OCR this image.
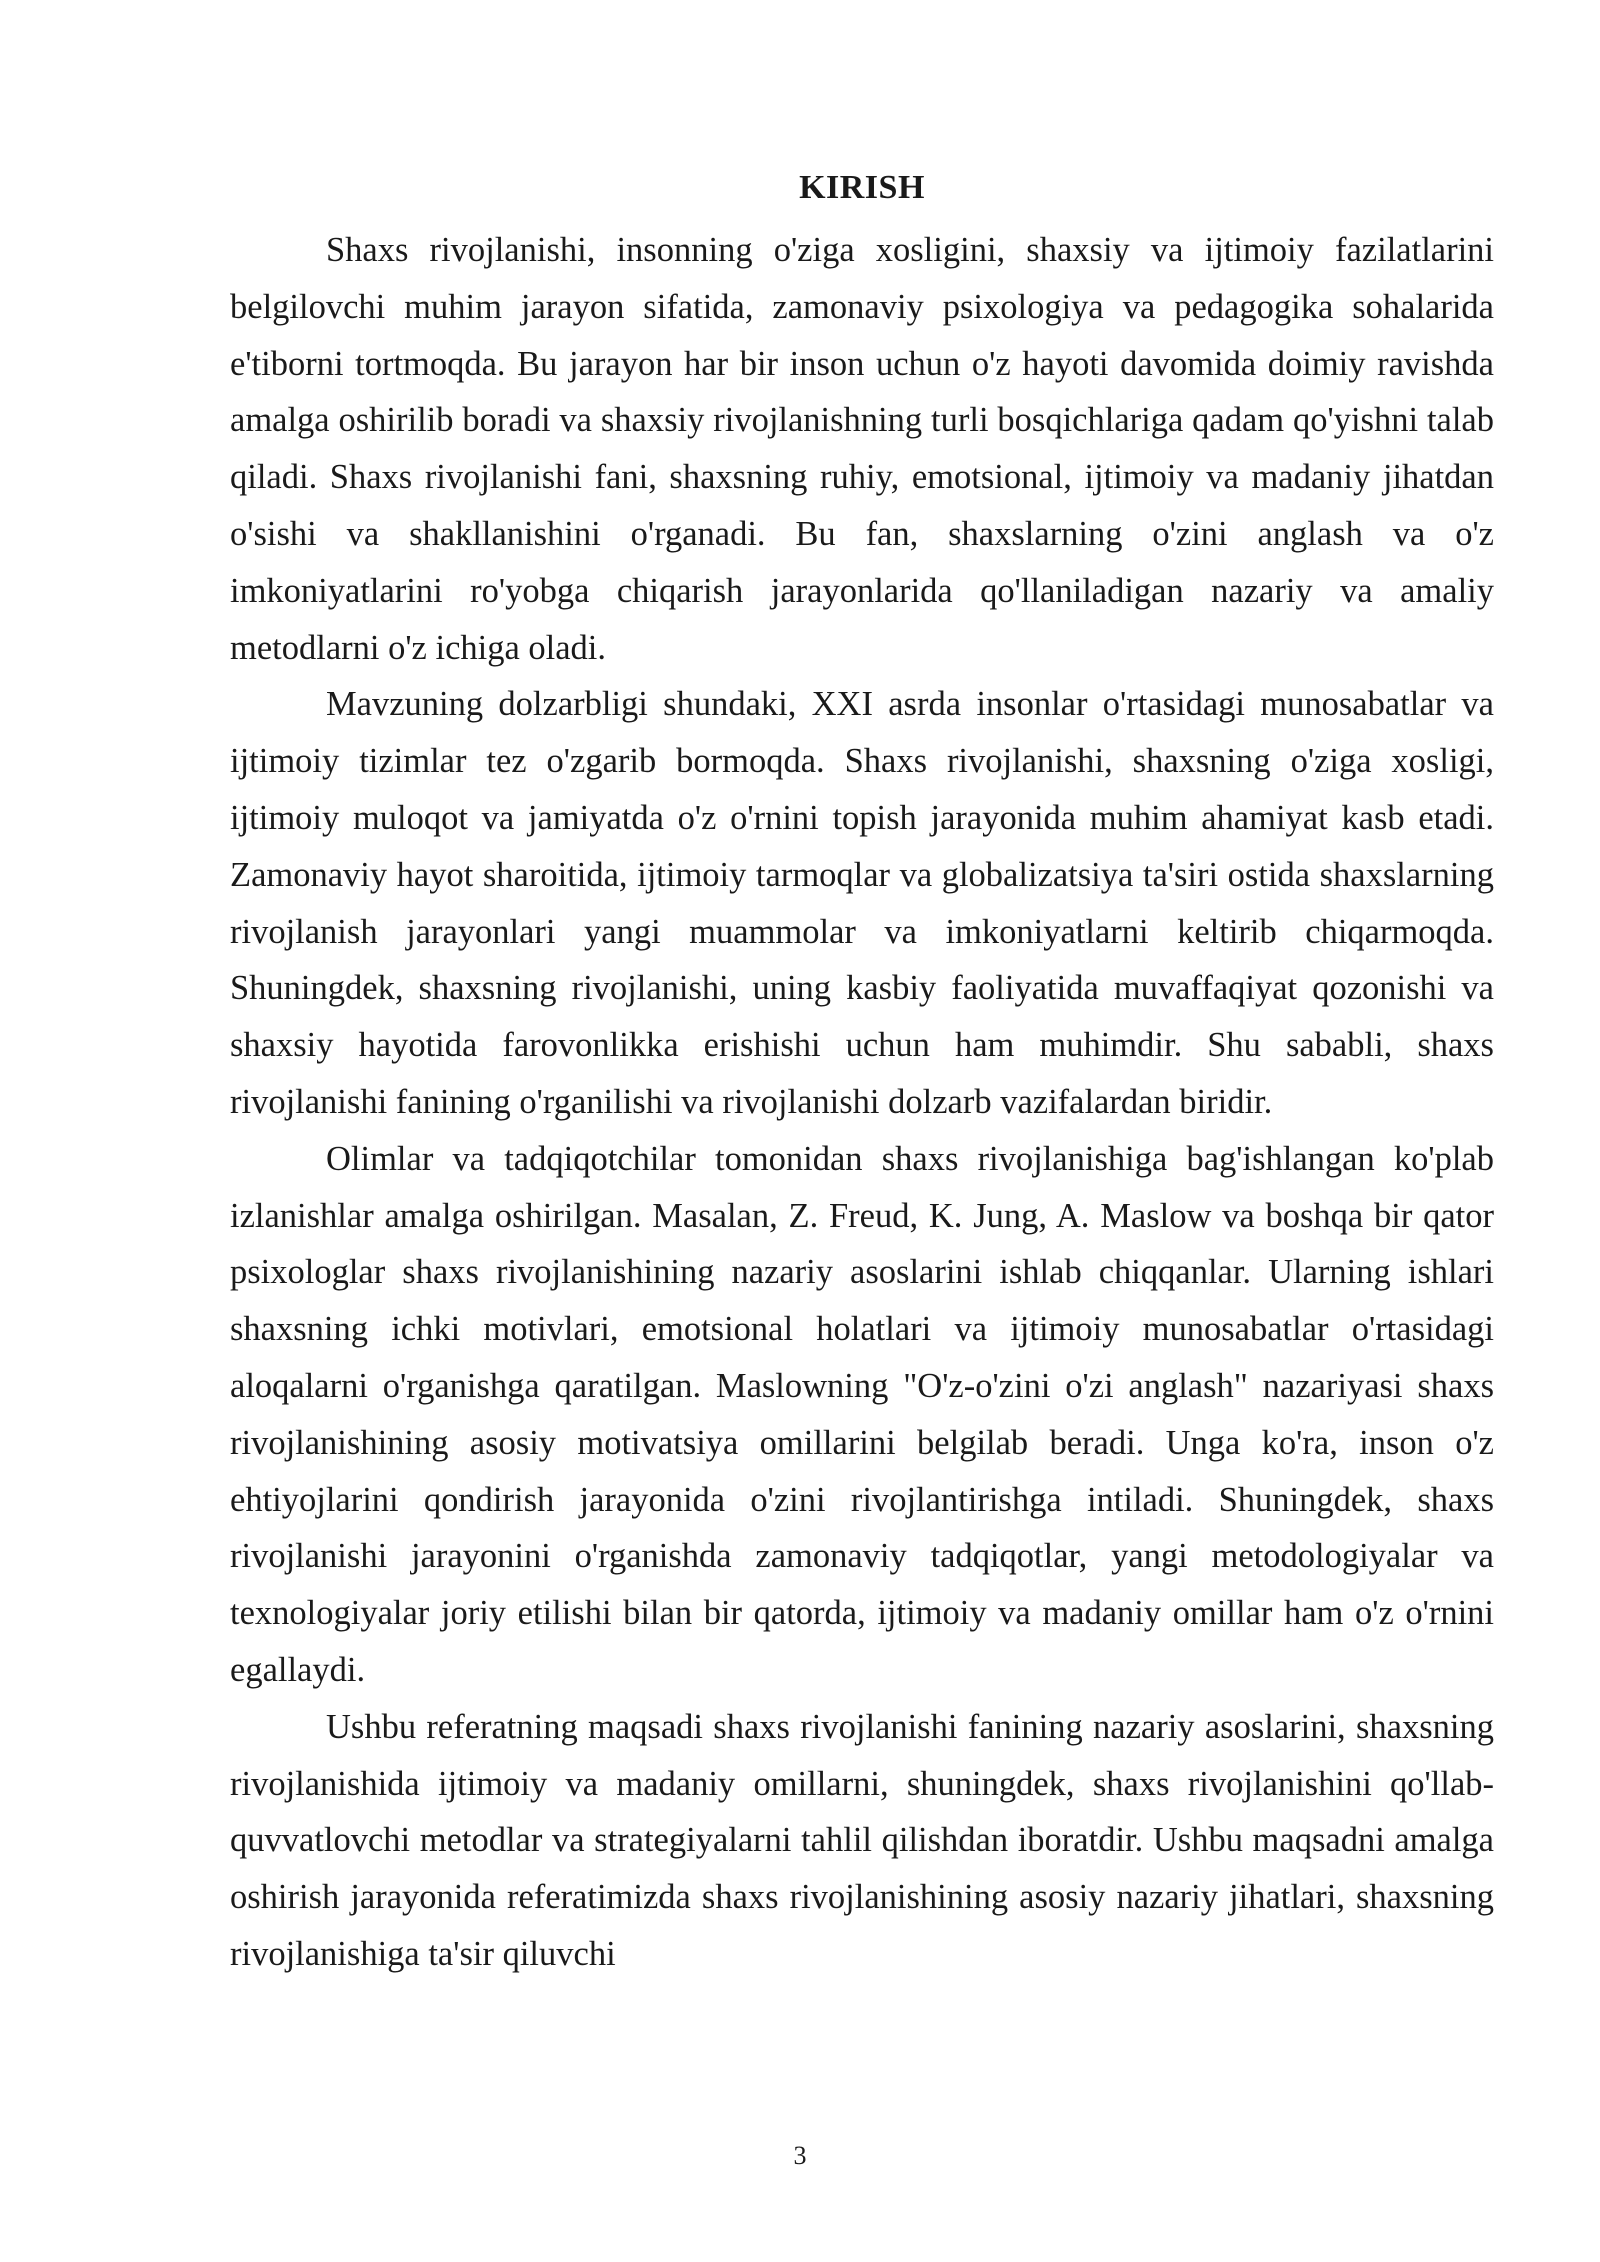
KIRISH

Shaxs rivojlanishi, insonning o'ziga xosligini, shaxsiy va ijtimoiy fazilatlarini belgilovchi muhim jarayon sifatida, zamonaviy psixologiya va pedagogika sohalarida e'tiborni tortmoqda. Bu jarayon har bir inson uchun o'z hayoti davomida doimiy ravishda amalga oshirilib boradi va shaxsiy rivojlanishning turli bosqichlariga qadam qo'yishni talab qiladi. Shaxs rivojlanishi fani, shaxsning ruhiy, emotsional, ijtimoiy va madaniy jihatdan o'sishi va shakllanishini o'rganadi. Bu fan, shaxslarning o'zini anglash va o'z imkoniyatlarini ro'yobga chiqarish jarayonlarida qo'llaniladigan nazariy va amaliy metodlarni o'z ichiga oladi.

Mavzuning dolzarbligi shundaki, XXI asrda insonlar o'rtasidagi munosabatlar va ijtimoiy tizimlar tez o'zgarib bormoqda. Shaxs rivojlanishi, shaxsning o'ziga xosligi, ijtimoiy muloqot va jamiyatda o'z o'rnini topish jarayonida muhim ahamiyat kasb etadi. Zamonaviy hayot sharoitida, ijtimoiy tarmoqlar va globalizatsiya ta'siri ostida shaxslarning rivojlanish jarayonlari yangi muammolar va imkoniyatlarni keltirib chiqarmoqda. Shuningdek, shaxsning rivojlanishi, uning kasbiy faoliyatida muvaffaqiyat qozonishi va shaxsiy hayotida farovonlikka erishishi uchun ham muhimdir. Shu sababli, shaxs rivojlanishi fanining o'rganilishi va rivojlanishi dolzarb vazifalardan biridir.

Olimlar va tadqiqotchilar tomonidan shaxs rivojlanishiga bag'ishlangan ko'plab izlanishlar amalga oshirilgan. Masalan, Z. Freud, K. Jung, A. Maslow va boshqa bir qator psixologlar shaxs rivojlanishining nazariy asoslarini ishlab chiqqanlar. Ularning ishlari shaxsning ichki motivlari, emotsional holatlari va ijtimoiy munosabatlar o'rtasidagi aloqalarni o'rganishga qaratilgan. Maslowning "O'z-o'zini o'zi anglash" nazariyasi shaxs rivojlanishining asosiy motivatsiya omillarini belgilab beradi. Unga ko'ra, inson o'z ehtiyojlarini qondirish jarayonida o'zini rivojlantirishga intiladi. Shuningdek, shaxs rivojlanishi jarayonini o'rganishda zamonaviy tadqiqotlar, yangi metodologiyalar va texnologiyalar joriy etilishi bilan bir qatorda, ijtimoiy va madaniy omillar ham o'z o'rnini egallaydi.

Ushbu referatning maqsadi shaxs rivojlanishi fanining nazariy asoslarini, shaxsning rivojlanishida ijtimoiy va madaniy omillarni, shuningdek, shaxs rivojlanishini qo'llab-quvvatlovchi metodlar va strategiyalarni tahlil qilishdan iboratdir. Ushbu maqsadni amalga oshirish jarayonida referatimizda shaxs rivojlanishining asosiy nazariy jihatlari, shaxsning rivojlanishiga ta'sir qiluvchi

3
